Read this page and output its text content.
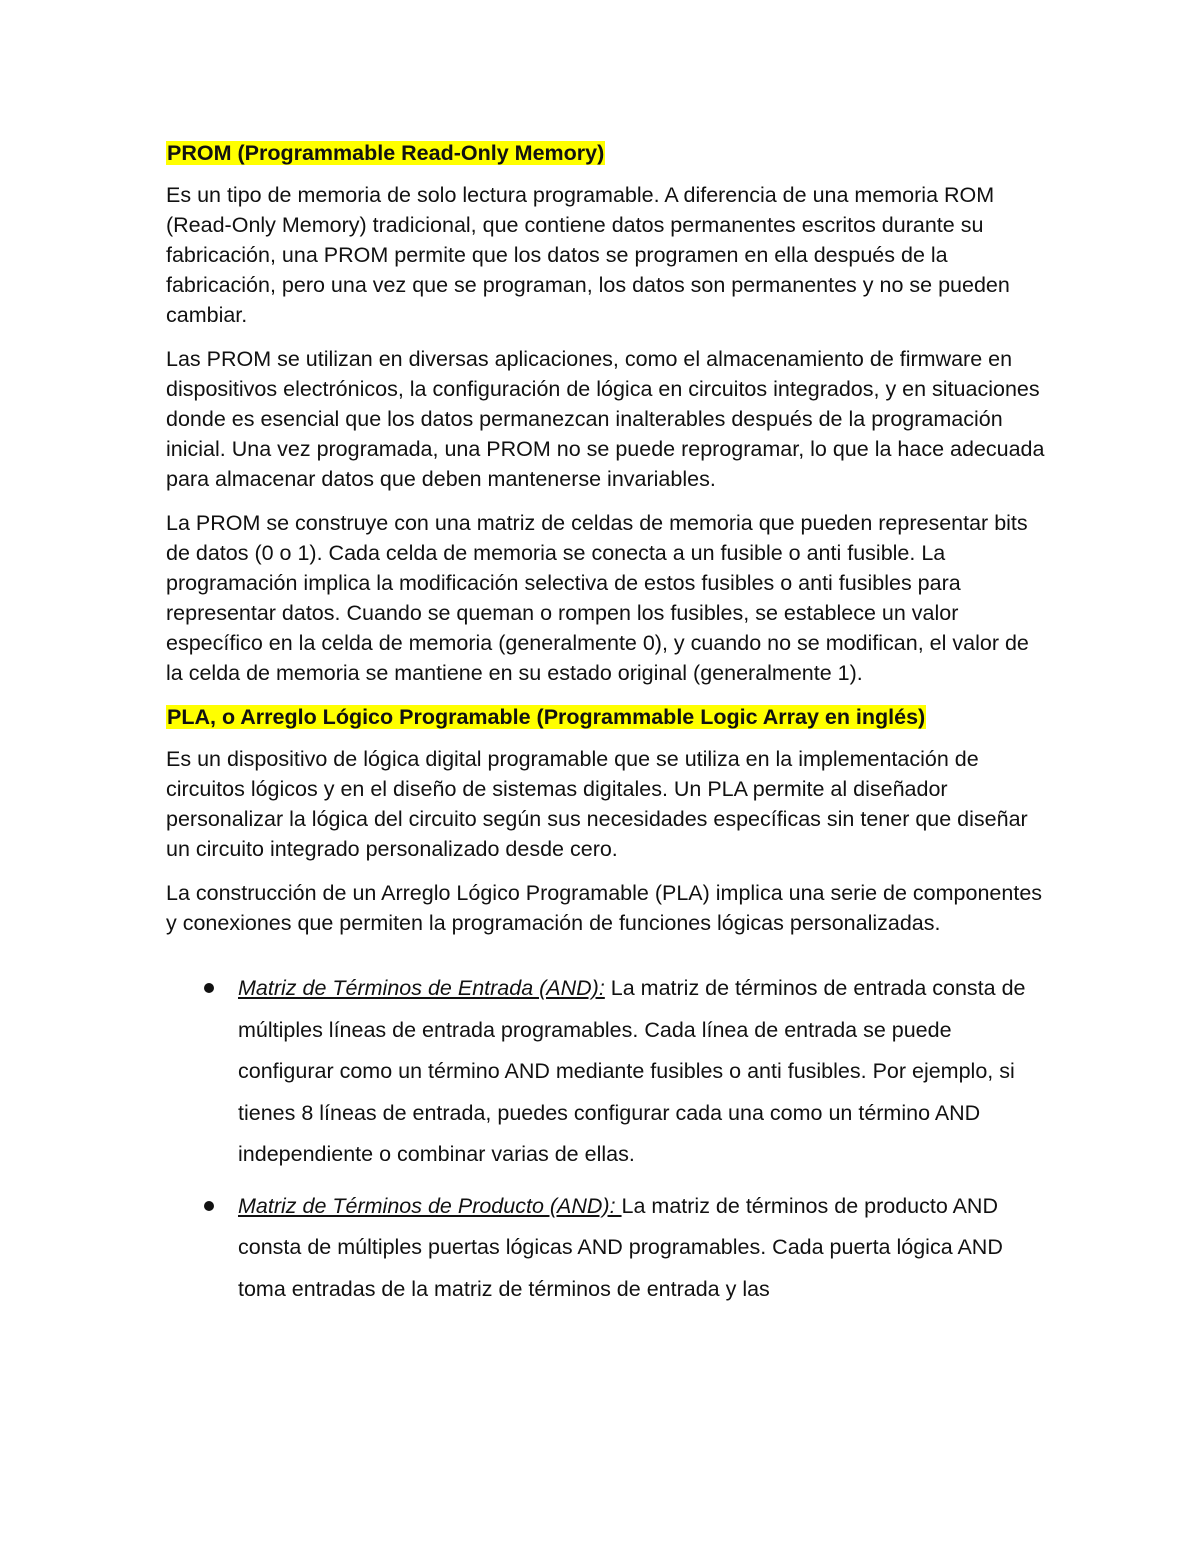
PROM (Programmable Read-Only Memory)

Es un tipo de memoria de solo lectura programable. A diferencia de una memoria ROM (Read-Only Memory) tradicional, que contiene datos permanentes escritos durante su fabricación, una PROM permite que los datos se programen en ella después de la fabricación, pero una vez que se programan, los datos son permanentes y no se pueden cambiar.

Las PROM se utilizan en diversas aplicaciones, como el almacenamiento de firmware en dispositivos electrónicos, la configuración de lógica en circuitos integrados, y en situaciones donde es esencial que los datos permanezcan inalterables después de la programación inicial. Una vez programada, una PROM no se puede reprogramar, lo que la hace adecuada para almacenar datos que deben mantenerse invariables.

La PROM se construye con una matriz de celdas de memoria que pueden representar bits de datos (0 o 1). Cada celda de memoria se conecta a un fusible o anti fusible. La programación implica la modificación selectiva de estos fusibles o anti fusibles para representar datos. Cuando se queman o rompen los fusibles, se establece un valor específico en la celda de memoria (generalmente 0), y cuando no se modifican, el valor de la celda de memoria se mantiene en su estado original (generalmente 1).

PLA, o Arreglo Lógico Programable (Programmable Logic Array en inglés)

Es un dispositivo de lógica digital programable que se utiliza en la implementación de circuitos lógicos y en el diseño de sistemas digitales. Un PLA permite al diseñador personalizar la lógica del circuito según sus necesidades específicas sin tener que diseñar un circuito integrado personalizado desde cero.

La construcción de un Arreglo Lógico Programable (PLA) implica una serie de componentes y conexiones que permiten la programación de funciones lógicas personalizadas.

Matriz de Términos de Entrada (AND): La matriz de términos de entrada consta de múltiples líneas de entrada programables. Cada línea de entrada se puede configurar como un término AND mediante fusibles o anti fusibles. Por ejemplo, si tienes 8 líneas de entrada, puedes configurar cada una como un término AND independiente o combinar varias de ellas.
Matriz de Términos de Producto (AND): La matriz de términos de producto AND consta de múltiples puertas lógicas AND programables. Cada puerta lógica AND toma entradas de la matriz de términos de entrada y las
